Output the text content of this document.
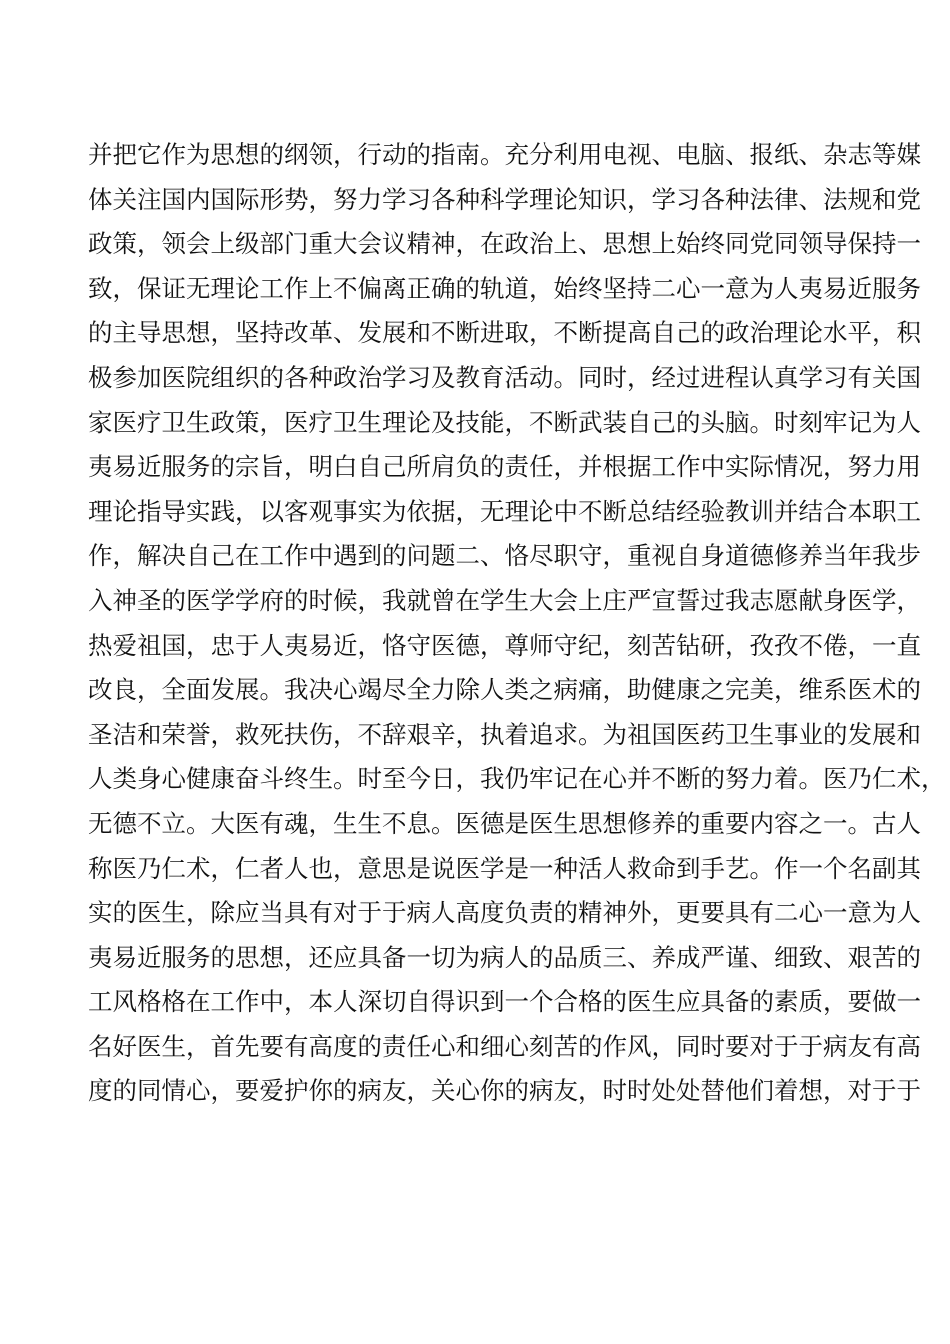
并把它作为思想的纲领，行动的指南。充分利用电视、电脑、报纸、杂志等媒
体关注国内国际形势，努力学习各种科学理论知识，学习各种法律、法规和党
政策，领会上级部门重大会议精神，在政治上、思想上始终同党同领导保持一
致，保证无理论工作上不偏离正确的轨道，始终坚持二心一意为人夷易近服务
的主导思想，坚持改革、发展和不断进取，不断提高自己的政治理论水平，积
极参加医院组织的各种政治学习及教育活动。同时，经过进程认真学习有关国
家医疗卫生政策，医疗卫生理论及技能，不断武装自己的头脑。时刻牢记为人
夷易近服务的宗旨，明白自己所肩负的责任，并根据工作中实际情况，努力用
理论指导实践，以客观事实为依据，无理论中不断总结经验教训并结合本职工
作，解决自己在工作中遇到的问题二、恪尽职守，重视自身道德修养当年我步
入神圣的医学学府的时候，我就曾在学生大会上庄严宣誓过我志愿献身医学，
热爱祖国，忠于人夷易近，恪守医德，尊师守纪，刻苦钻研，孜孜不倦，一直
改良，全面发展。我决心竭尽全力除人类之病痛，助健康之完美，维系医术的
圣洁和荣誉，救死扶伤，不辞艰辛，执着追求。为祖国医药卫生事业的发展和
人类身心健康奋斗终生。时至今日，我仍牢记在心并不断的努力着。医乃仁术，
无德不立。大医有魂，生生不息。医德是医生思想修养的重要内容之一。古人
称医乃仁术，仁者人也，意思是说医学是一种活人救命到手艺。作一个名副其
实的医生，除应当具有对于于病人高度负责的精神外，更要具有二心一意为人
夷易近服务的思想，还应具备一切为病人的品质三、养成严谨、细致、艰苦的
工风格格在工作中，本人深切自得识到一个合格的医生应具备的素质，要做一
名好医生，首先要有高度的责任心和细心刻苦的作风，同时要对于于病友有高
度的同情心，要爱护你的病友，关心你的病友，时时处处替他们着想，对于于
